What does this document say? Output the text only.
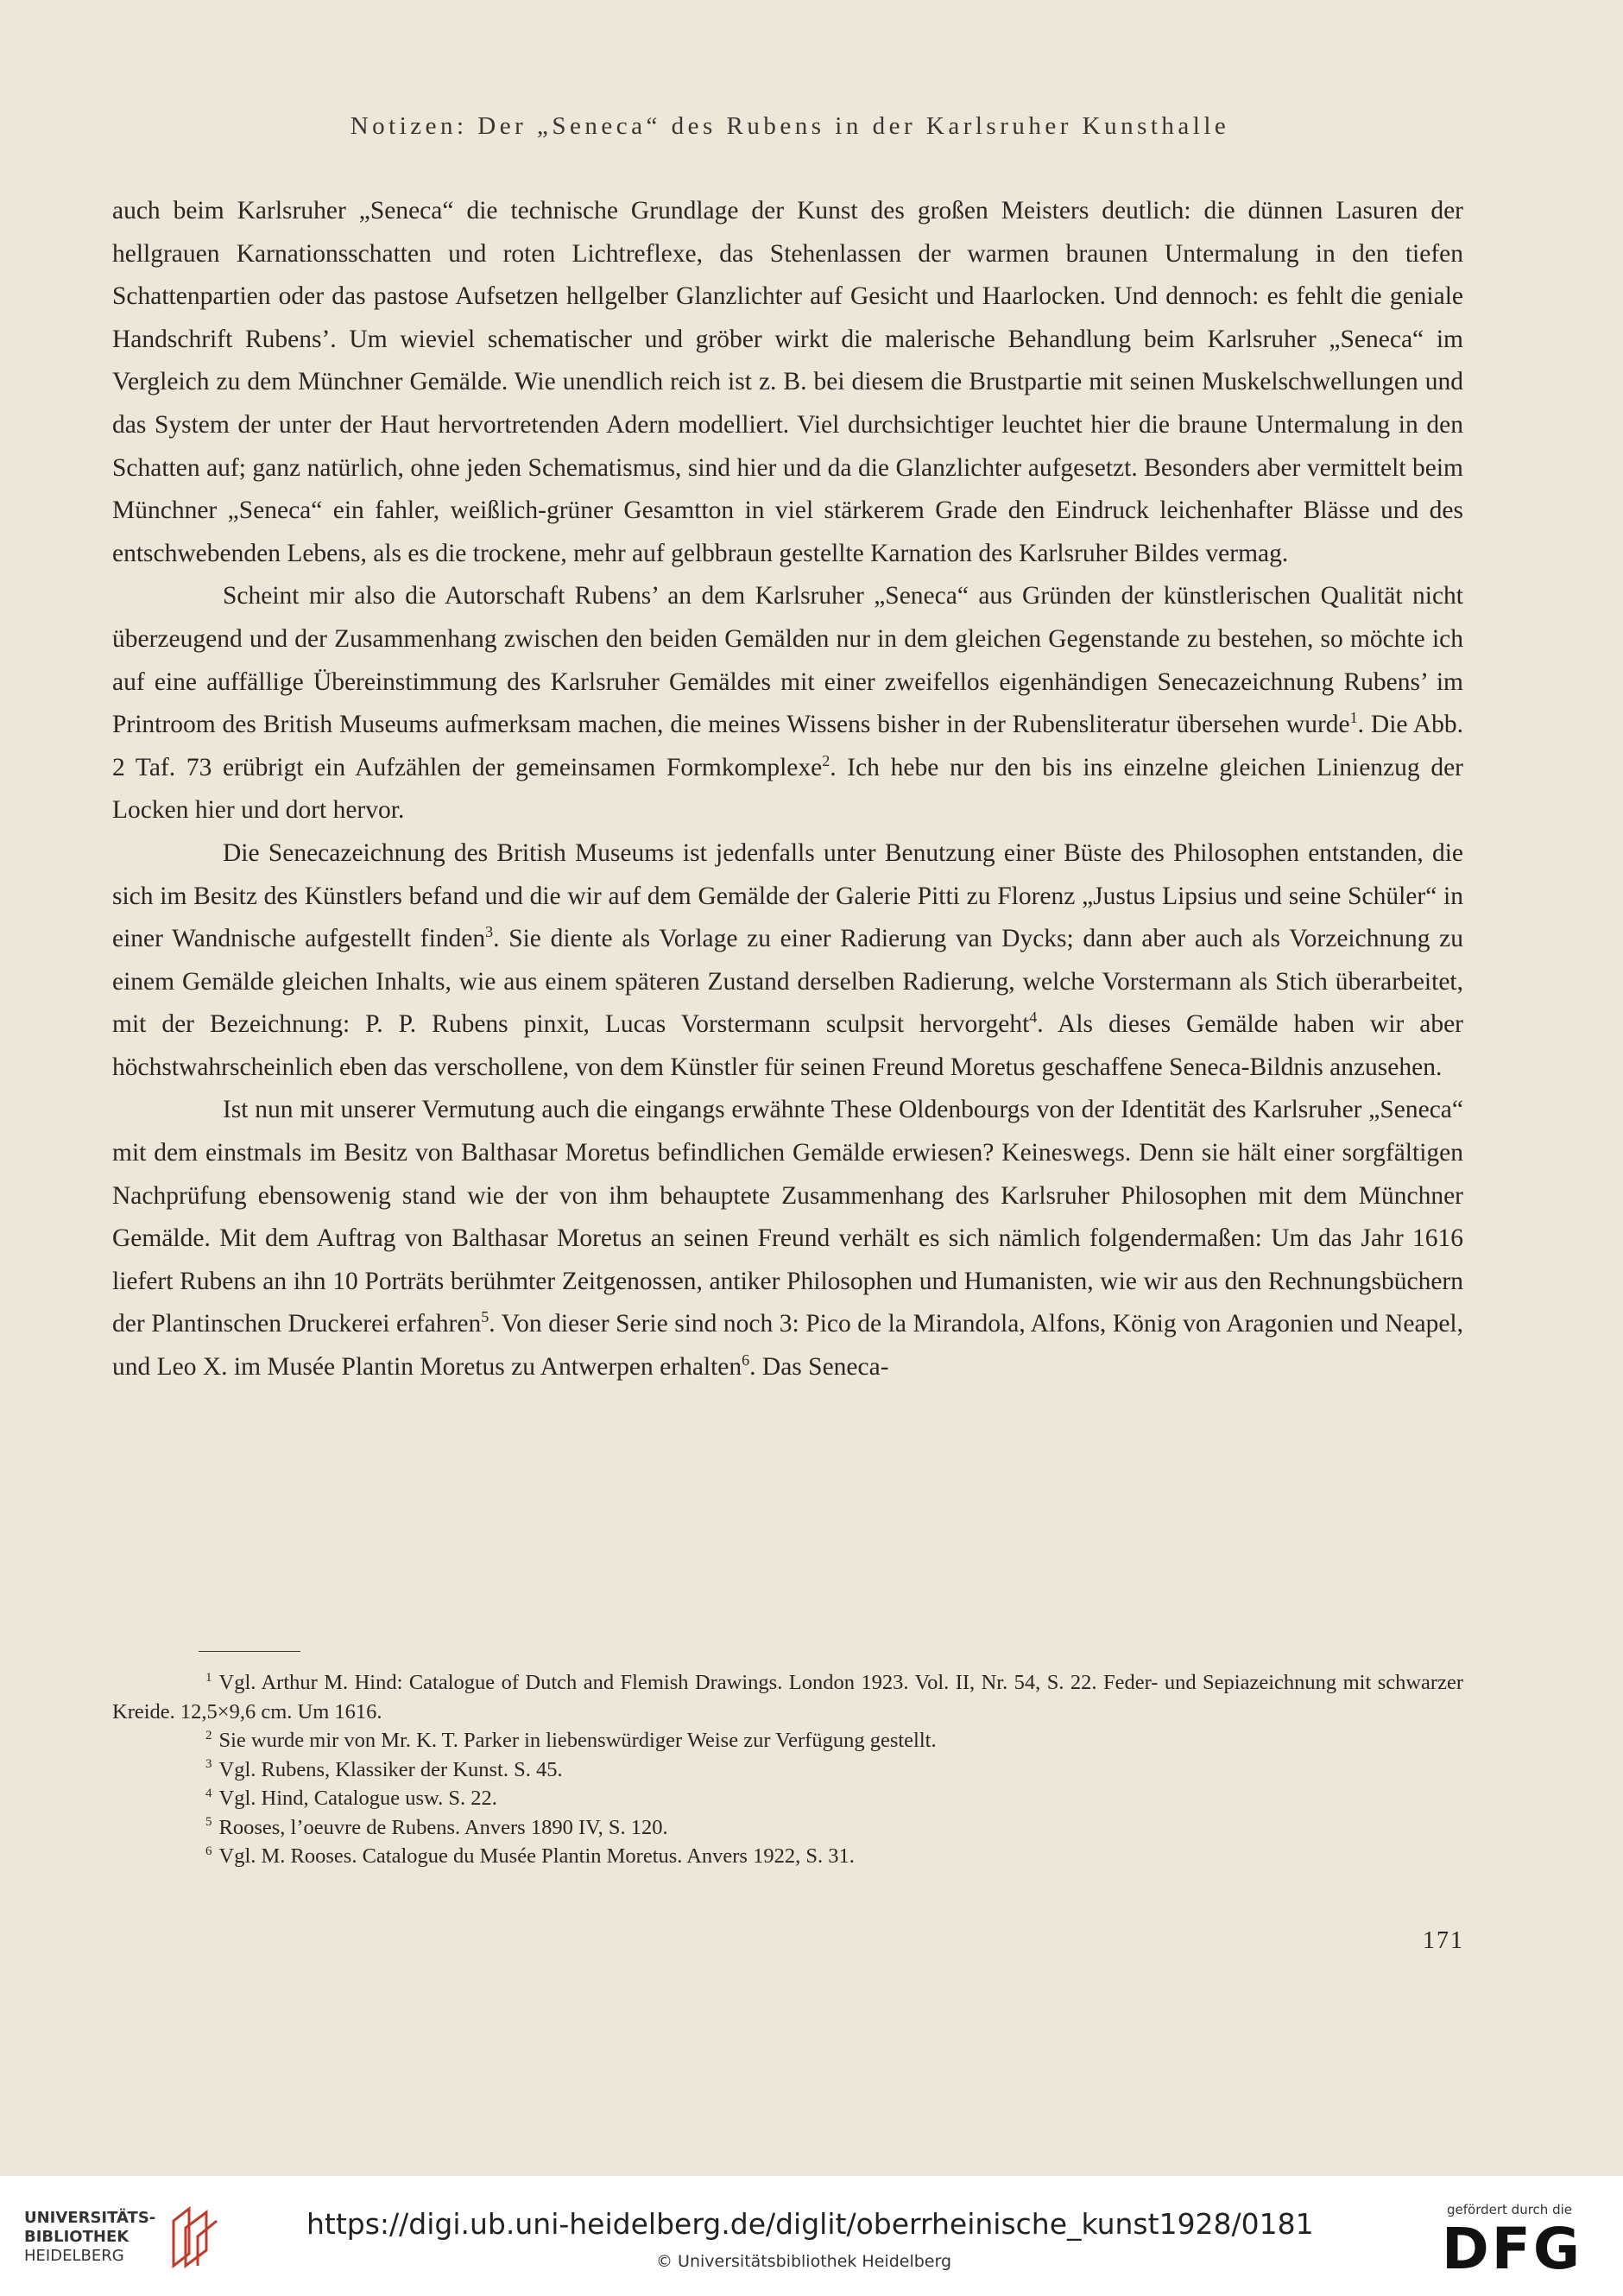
Notizen: Der „Seneca“ des Rubens in der Karlsruher Kunsthalle

auch beim Karlsruher „Seneca“ die technische Grundlage der Kunst des großen Meisters deutlich: die dünnen Lasuren der hellgrauen Karnationsschatten und roten Lichtreflexe, das Stehenlassen der warmen braunen Untermalung in den tiefen Schattenpartien oder das pastose Aufsetzen hellgelber Glanzlichter auf Gesicht und Haarlocken. Und dennoch: es fehlt die geniale Handschrift Rubens’. Um wieviel schematischer und gröber wirkt die malerische Behandlung beim Karlsruher „Seneca“ im Vergleich zu dem Münchner Gemälde. Wie unendlich reich ist z. B. bei diesem die Brustpartie mit seinen Muskelschwellungen und das System der unter der Haut hervortretenden Adern modelliert. Viel durchsichtiger leuchtet hier die braune Untermalung in den Schatten auf; ganz natürlich, ohne jeden Schematismus, sind hier und da die Glanzlichter aufgesetzt. Besonders aber vermittelt beim Münchner „Seneca“ ein fahler, weißlich-grüner Gesamtton in viel stärkerem Grade den Eindruck leichenhafter Blässe und des entschwebenden Lebens, als es die trockene, mehr auf gelbbraun gestellte Karnation des Karlsruher Bildes vermag.

Scheint mir also die Autorschaft Rubens’ an dem Karlsruher „Seneca“ aus Gründen der künstlerischen Qualität nicht überzeugend und der Zusammenhang zwischen den beiden Gemälden nur in dem gleichen Gegenstande zu bestehen, so möchte ich auf eine auffällige Übereinstimmung des Karlsruher Gemäldes mit einer zweifellos eigenhändigen Senecazeichnung Rubens’ im Printroom des British Museums aufmerksam machen, die meines Wissens bisher in der Rubensliteratur übersehen wurde$^1$. Die Abb. 2 Taf. 73 erübrigt ein Aufzählen der gemeinsamen Formkomplexe$^2$. Ich hebe nur den bis ins einzelne gleichen Linienzug der Locken hier und dort hervor.

Die Senecazeichnung des British Museums ist jedenfalls unter Benutzung einer Büste des Philosophen entstanden, die sich im Besitz des Künstlers befand und die wir auf dem Gemälde der Galerie Pitti zu Florenz „Justus Lipsius und seine Schüler“ in einer Wandnische aufgestellt finden$^3$. Sie diente als Vorlage zu einer Radierung van Dycks; dann aber auch als Vorzeichnung zu einem Gemälde gleichen Inhalts, wie aus einem späteren Zustand derselben Radierung, welche Vorstermann als Stich überarbeitet, mit der Bezeichnung: P. P. Rubens pinxit, Lucas Vorstermann sculpsit hervorgeht$^4$. Als dieses Gemälde haben wir aber höchstwahrscheinlich eben das verschollene, von dem Künstler für seinen Freund Moretus geschaffene Seneca-Bildnis anzusehen.

Ist nun mit unserer Vermutung auch die eingangs erwähnte These Oldenbourgs von der Identität des Karlsruher „Seneca“ mit dem einstmals im Besitz von Balthasar Moretus befindlichen Gemälde erwiesen? Keineswegs. Denn sie hält einer sorgfältigen Nachprüfung ebensowenig stand wie der von ihm behauptete Zusammenhang des Karlsruher Philosophen mit dem Münchner Gemälde. Mit dem Auftrag von Balthasar Moretus an seinen Freund verhält es sich nämlich folgendermaßen: Um das Jahr 1616 liefert Rubens an ihn 10 Porträts berühmter Zeitgenossen, antiker Philosophen und Humanisten, wie wir aus den Rechnungsbüchern der Plantinschen Druckerei erfahren$^5$. Von dieser Serie sind noch 3: Pico de la Mirandola, Alfons, König von Aragonien und Neapel, und Leo X. im Musée Plantin Moretus zu Antwerpen erhalten$^6$. Das Seneca-

$^1$ Vgl. Arthur M. Hind: Catalogue of Dutch and Flemish Drawings. London 1923. Vol. II, Nr. 54, S. 22. Feder- und Sepiazeichnung mit schwarzer Kreide. 12,5×9,6 cm. Um 1616.

$^2$ Sie wurde mir von Mr. K. T. Parker in liebenswürdiger Weise zur Verfügung gestellt.

$^3$ Vgl. Rubens, Klassiker der Kunst. S. 45.

$^4$ Vgl. Hind, Catalogue usw. S. 22.

$^5$ Rooses, l’oeuvre de Rubens. Anvers 1890 IV, S. 120.

$^6$ Vgl. M. Rooses. Catalogue du Musée Plantin Moretus. Anvers 1922, S. 31.

171
UNIVERSITÄTS-
BIBLIOTHEK
HEIDELBERG
https://digi.ub.uni-heidelberg.de/diglit/oberrheinische_kunst1928/0181
© Universitätsbibliothek Heidelberg
gefördert durch die
DFG
